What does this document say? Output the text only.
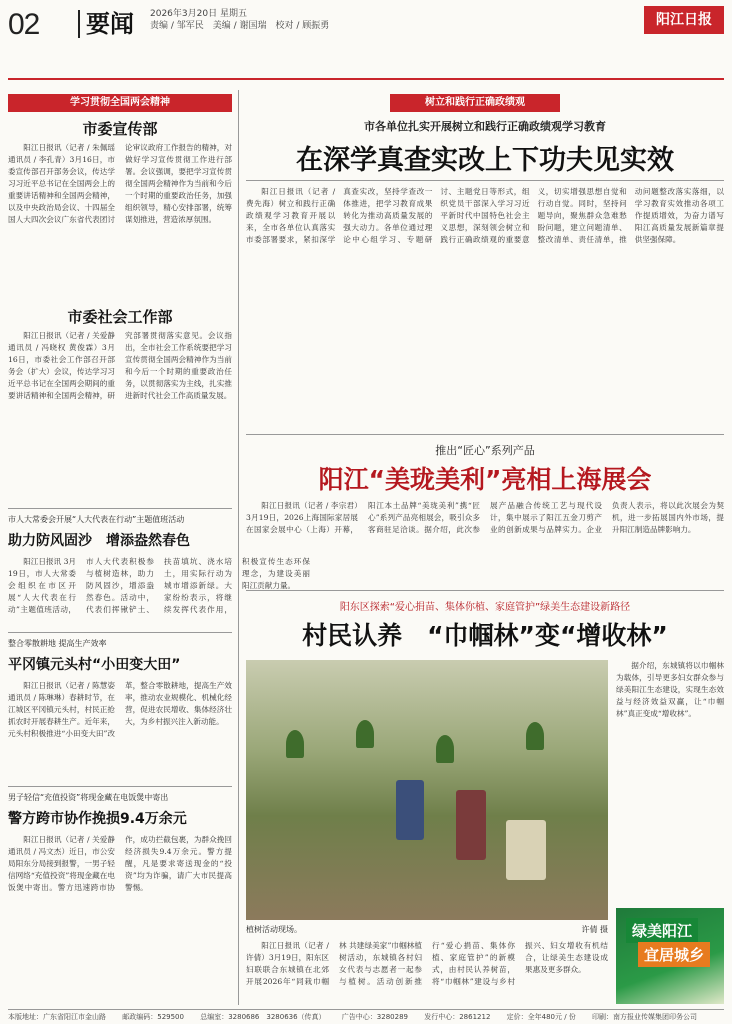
02	要闻 2026年3月20日 星期五
责编 / 邹军民　美编 / 谢国瑞　校对 / 顾振勇	阳江日报
学习贯彻全国两会精神
市委宣传部

阳江日报讯（记者 / 朱佩瑶 通讯员 / 李孔青）3月16日，市委宣传部召开部务会议，传达学习习近平总书记在全国两会上的重要讲话精神和全国两会精神，以及中央政治局会议、十四届全国人大四次会议广东省代表团讨论审议政府工作报告的精神，对做好学习宣传贯彻工作进行部署。会议强调，要把学习宣传贯彻全国两会精神作为当前和今后一个时期的重要政治任务，加强组织领导，精心安排部署，统筹谋划推进，营造浓厚氛围。

市委社会工作部

阳江日报讯（记者 / 关爱静 通讯员 / 冯晓权 黄俊霖）3月16日，市委社会工作部召开部务会（扩大）会议，传达学习习近平总书记在全国两会期间的重要讲话精神和全国两会精神，研究部署贯彻落实意见。会议指出，全市社会工作系统要把学习宣传贯彻全国两会精神作为当前和今后一个时期的重要政治任务，以贯彻落实为主线，扎实推进新时代社会工作高质量发展。

市人大常委会开展“人大代表在行动”主题值班活动
助力防风固沙　增添盎然春色

阳江日报讯 3月19日，市人大常委会组织在市区开展“人大代表在行动”主题值班活动，市人大代表积极参与植树造林，助力防风固沙，增添盎然春色。活动中，代表们挥锹铲土、扶苗填坑、浇水培土，用实际行动为城市增添新绿。大家纷纷表示，将继续发挥代表作用，积极宣传生态环保理念，为建设美丽阳江贡献力量。

整合零散耕地 提高生产效率
平冈镇元头村“小田变大田”

阳江日报讯（记者 / 陈慧姿 通讯员 / 陈琳琳）春耕时节，在江城区平冈镇元头村，村民正抢抓农时开展春耕生产。近年来，元头村积极推进“小田变大田”改革，整合零散耕地，提高生产效率，推动农业规模化、机械化经营，促进农民增收、集体经济壮大，为乡村振兴注入新动能。

男子轻信“充值投资”将现金藏在电饭煲中寄出
警方跨市协作挽损9.4万余元

阳江日报讯（记者 / 关爱静 通讯员 / 冯文杰）近日，市公安局阳东分局接到报警，一男子轻信网络“充值投资”将现金藏在电饭煲中寄出。警方迅速跨市协作，成功拦截包裹，为群众挽回经济损失9.4万余元。警方提醒，凡是要求寄送现金的“投资”均为诈骗，请广大市民提高警惕。

树立和践行正确政绩观
市各单位扎实开展树立和践行正确政绩观学习教育
在深学真查实改上下功夫见实效

阳江日报讯（记者 / 费先海）树立和践行正确政绩观学习教育开展以来，全市各单位认真落实市委部署要求，紧扣深学真查实改，坚持学查改一体推进，把学习教育成果转化为推动高质量发展的强大动力。各单位通过理论中心组学习、专题研讨、主题党日等形式，组织党员干部深入学习习近平新时代中国特色社会主义思想，深刻领会树立和践行正确政绩观的重要意义，切实增强思想自觉和行动自觉。同时，坚持问题导向，聚焦群众急难愁盼问题，建立问题清单、整改清单、责任清单，推动问题整改落实落细，以学习教育实效推动各项工作提质增效，为奋力谱写阳江高质量发展新篇章提供坚强保障。

推出“匠心”系列产品
阳江“美珑美利”亮相上海展会

阳江日报讯（记者 / 李宗君）3月19日，2026上海国际家居展在国家会展中心（上海）开幕，阳江本土品牌“美珑美利”携“匠心”系列产品亮相展会，吸引众多客商驻足洽谈。据介绍，此次参展产品融合传统工艺与现代设计，集中展示了阳江五金刀剪产业的创新成果与品牌实力。企业负责人表示，将以此次展会为契机，进一步拓展国内外市场，提升阳江制造品牌影响力。

阳东区探索“爱心捐苗、集体你植、家庭管护”绿美生态建设新路径
村民认养　“巾帼林”变“增收林”
植树活动现场。	许倩 摄

阳江日报讯（记者 / 许倩）3月19日，阳东区妇联联合东城镇在北郊开展2026年“同栽巾帼林 共建绿美家”巾帼林植树活动，东城镇各村妇女代表与志愿者一起参与植树。活动创新推行“爱心捐苗、集体你植、家庭管护”的新模式，由村民认养树苗，将“巾帼林”建设与乡村振兴、妇女增收有机结合，让绿美生态建设成果惠及更多群众。

据介绍，东城镇将以巾帼林为载体，引导更多妇女群众参与绿美阳江生态建设，实现生态效益与经济效益双赢，让“巾帼林”真正变成“增收林”。

绿美阳江
宜居城乡
本版地址：广东省阳江市金山路 邮政编码：529500 总编室：3280686　3280636（传真） 广告中心：3280289 发行中心：2861212 定价：全年480元 / 份 印刷：南方报业传媒集团印务公司
